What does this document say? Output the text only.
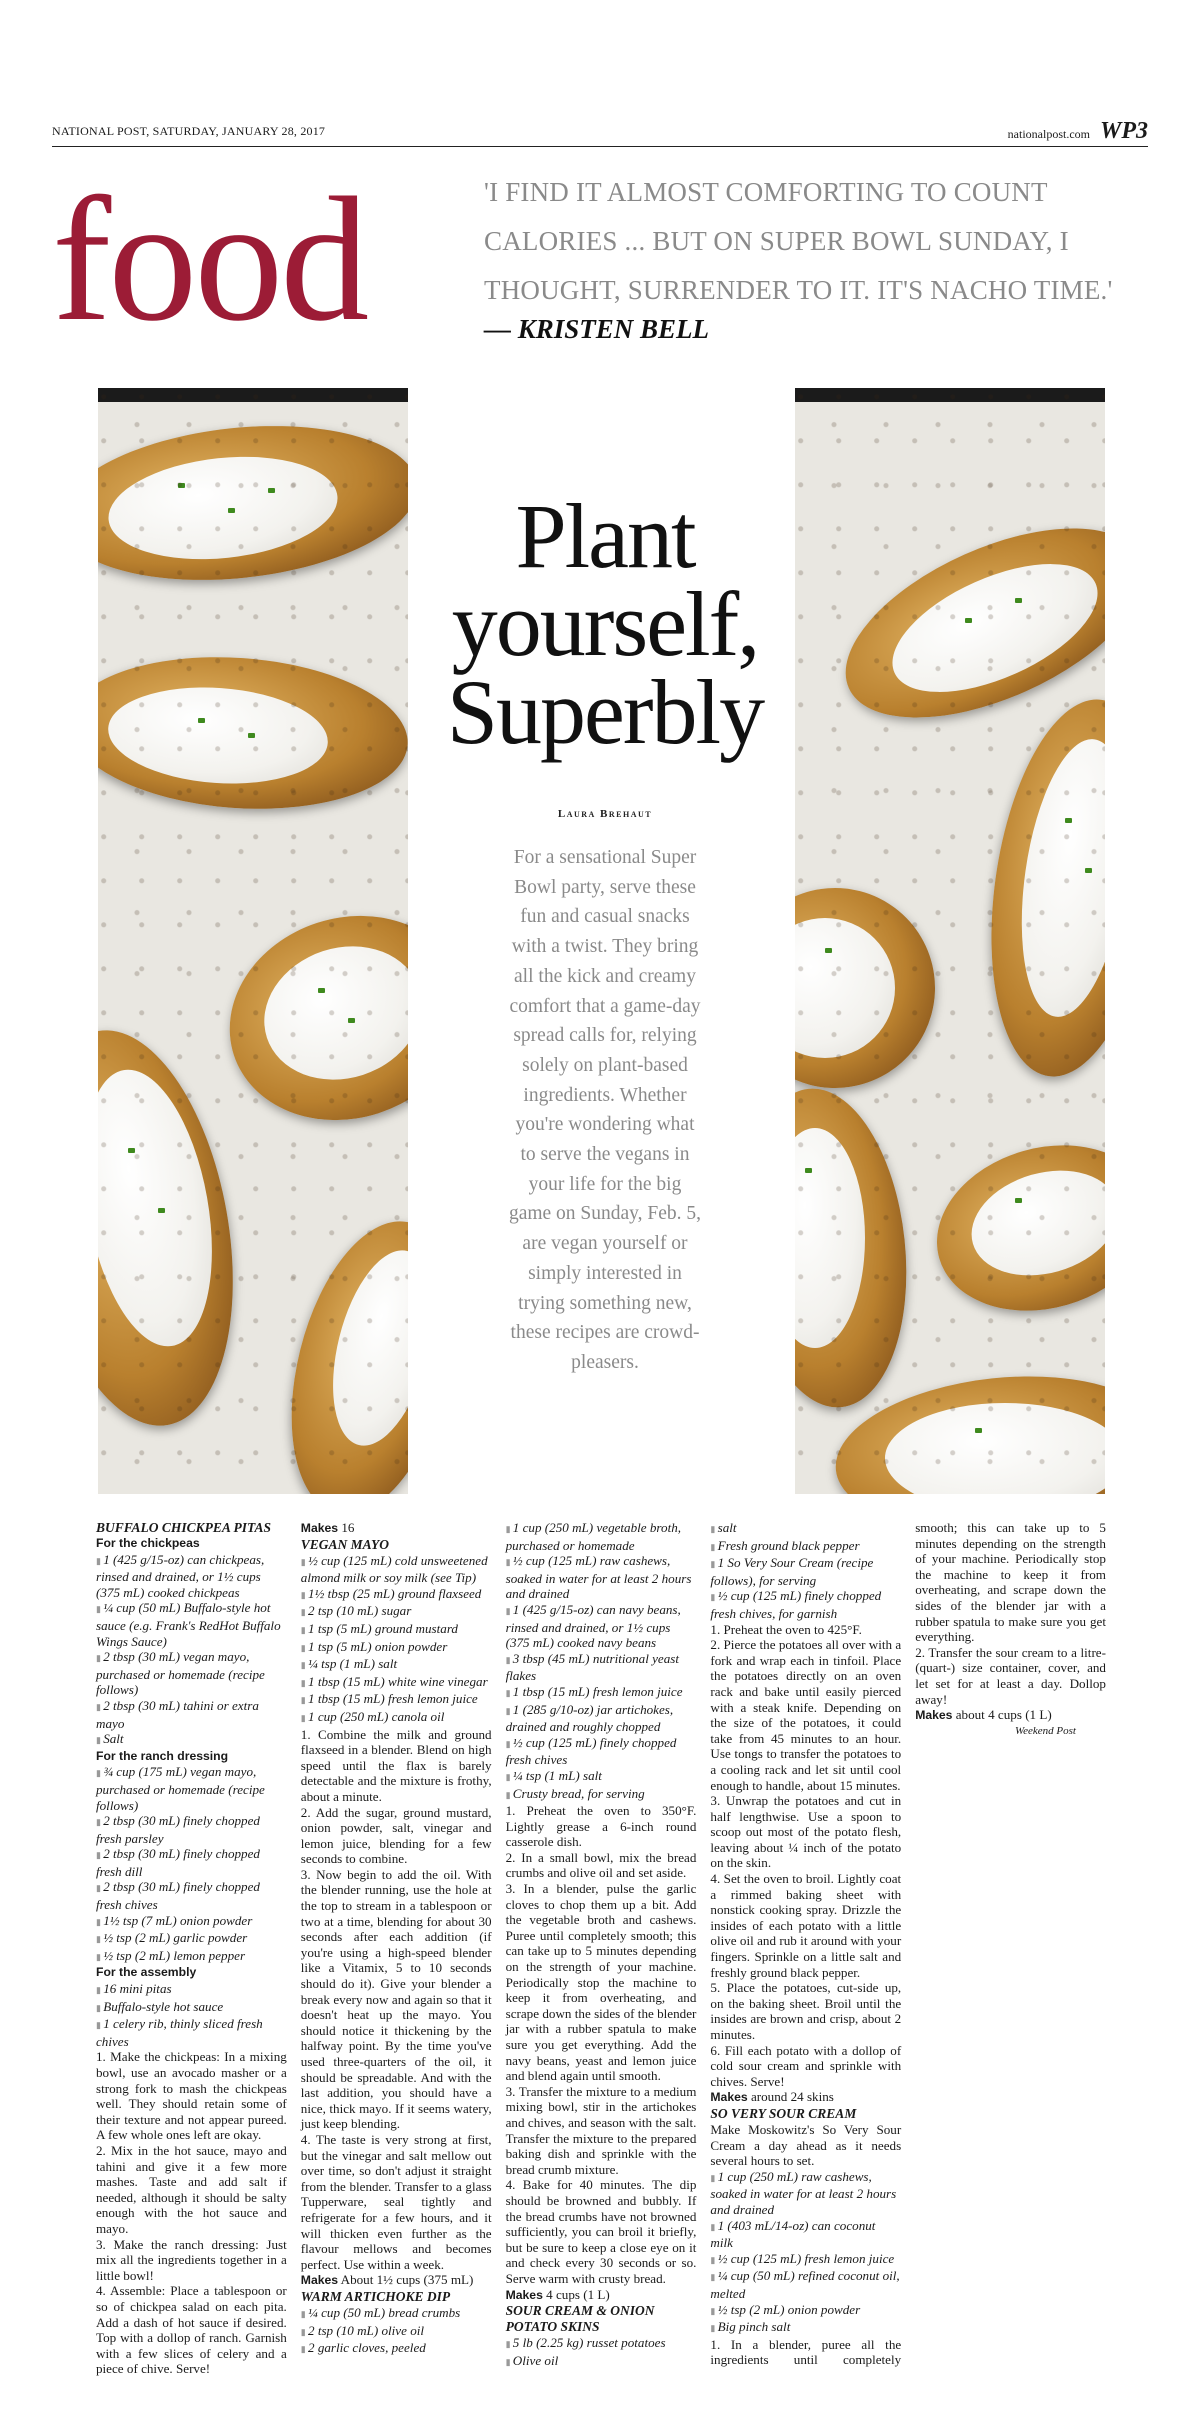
NATIONAL POST, SATURDAY, JANUARY 28, 2017	nationalpost.com WP3
food	'I FIND IT ALMOST COMFORTING TO COUNT CALORIES ... BUT ON SUPER BOWL SUNDAY, I THOUGHT, SURRENDER TO IT. IT'S NACHO TIME.'
— KRISTEN BELL
Plant
yourself,
Superbly
Laura Brehaut
For a sensational Super Bowl party, serve these fun and casual snacks with a twist. They bring all the kick and creamy comfort that a game-day spread calls for, relying solely on plant-based ingredients. Whether you're wondering what to serve the vegans in your life for the big game on Sunday, Feb. 5, are vegan yourself or simply interested in trying something new, these recipes are crowd-pleasers.

BUFFALO CHICKPEA PITAS

For the chickpeas

▮ 1 (425 g/15-oz) can chickpeas, rinsed and drained, or 1½ cups (375 mL) cooked chickpeas

▮ ¼ cup (50 mL) Buffalo-style hot sauce (e.g. Frank's RedHot Buffalo Wings Sauce)

▮ 2 tbsp (30 mL) vegan mayo, purchased or homemade (recipe follows)

▮ 2 tbsp (30 mL) tahini or extra mayo

▮ Salt

For the ranch dressing

▮ ¾ cup (175 mL) vegan mayo, purchased or homemade (recipe follows)

▮ 2 tbsp (30 mL) finely chopped fresh parsley

▮ 2 tbsp (30 mL) finely chopped fresh dill

▮ 2 tbsp (30 mL) finely chopped fresh chives

▮ 1½ tsp (7 mL) onion powder

▮ ½ tsp (2 mL) garlic powder

▮ ½ tsp (2 mL) lemon pepper

For the assembly

▮ 16 mini pitas

▮ Buffalo-style hot sauce

▮ 1 celery rib, thinly sliced fresh chives

1. Make the chickpeas: In a mixing bowl, use an avocado masher or a strong fork to mash the chickpeas well. They should retain some of their texture and not appear pureed. A few whole ones left are okay.

2. Mix in the hot sauce, mayo and tahini and give it a few more mashes. Taste and add salt if needed, although it should be salty enough with the hot sauce and mayo.

3. Make the ranch dressing: Just mix all the ingredients together in a little bowl!

4. Assemble: Place a tablespoon or so of chickpea salad on each pita. Add a dash of hot sauce if desired. Top with a dollop of ranch. Garnish with a few slices of celery and a piece of chive. Serve!

Makes 16

VEGAN MAYO

▮ ½ cup (125 mL) cold unsweetened almond milk or soy milk (see Tip)

▮ 1½ tbsp (25 mL) ground flaxseed

▮ 2 tsp (10 mL) sugar

▮ 1 tsp (5 mL) ground mustard

▮ 1 tsp (5 mL) onion powder

▮ ¼ tsp (1 mL) salt

▮ 1 tbsp (15 mL) white wine vinegar

▮ 1 tbsp (15 mL) fresh lemon juice

▮ 1 cup (250 mL) canola oil

1. Combine the milk and ground flaxseed in a blender. Blend on high speed until the flax is barely detectable and the mixture is frothy, about a minute.

2. Add the sugar, ground mustard, onion powder, salt, vinegar and lemon juice, blending for a few seconds to combine.

3. Now begin to add the oil. With the blender running, use the hole at the top to stream in a tablespoon or two at a time, blending for about 30 seconds after each addition (if you're using a high-speed blender like a Vitamix, 5 to 10 seconds should do it). Give your blender a break every now and again so that it doesn't heat up the mayo. You should notice it thickening by the halfway point. By the time you've used three-quarters of the oil, it should be spreadable. And with the last addition, you should have a nice, thick mayo. If it seems watery, just keep blending.

4. The taste is very strong at first, but the vinegar and salt mellow out over time, so don't adjust it straight from the blender. Transfer to a glass Tupperware, seal tightly and refrigerate for a few hours, and it will thicken even further as the flavour mellows and becomes perfect. Use within a week.

Makes About 1½ cups (375 mL)

WARM ARTICHOKE DIP

▮ ¼ cup (50 mL) bread crumbs

▮ 2 tsp (10 mL) olive oil

▮ 2 garlic cloves, peeled

▮ 1 cup (250 mL) vegetable broth, purchased or homemade

▮ ½ cup (125 mL) raw cashews, soaked in water for at least 2 hours and drained

▮ 1 (425 g/15-oz) can navy beans, rinsed and drained, or 1½ cups (375 mL) cooked navy beans

▮ 3 tbsp (45 mL) nutritional yeast flakes

▮ 1 tbsp (15 mL) fresh lemon juice

▮ 1 (285 g/10-oz) jar artichokes, drained and roughly chopped

▮ ½ cup (125 mL) finely chopped fresh chives

▮ ¼ tsp (1 mL) salt

▮ Crusty bread, for serving

1. Preheat the oven to 350°F. Lightly grease a 6-inch round casserole dish.

2. In a small bowl, mix the bread crumbs and olive oil and set aside.

3. In a blender, pulse the garlic cloves to chop them up a bit. Add the vegetable broth and cashews. Puree until completely smooth; this can take up to 5 minutes depending on the strength of your machine. Periodically stop the machine to keep it from overheating, and scrape down the sides of the blender jar with a rubber spatula to make sure you get everything. Add the navy beans, yeast and lemon juice and blend again until smooth.

3. Transfer the mixture to a medium mixing bowl, stir in the artichokes and chives, and season with the salt. Transfer the mixture to the prepared baking dish and sprinkle with the bread crumb mixture.

4. Bake for 40 minutes. The dip should be browned and bubbly. If the bread crumbs have not browned sufficiently, you can broil it briefly, but be sure to keep a close eye on it and check every 30 seconds or so. Serve warm with crusty bread.

Makes 4 cups (1 L)

SOUR CREAM & ONION POTATO SKINS

▮ 5 lb (2.25 kg) russet potatoes

▮ Olive oil

▮ salt

▮ Fresh ground black pepper

▮ 1 So Very Sour Cream (recipe follows), for serving

▮ ½ cup (125 mL) finely chopped fresh chives, for garnish

1. Preheat the oven to 425°F.

2. Pierce the potatoes all over with a fork and wrap each in tinfoil. Place the potatoes directly on an oven rack and bake until easily pierced with a steak knife. Depending on the size of the potatoes, it could take from 45 minutes to an hour. Use tongs to transfer the potatoes to a cooling rack and let sit until cool enough to handle, about 15 minutes.

3. Unwrap the potatoes and cut in half lengthwise. Use a spoon to scoop out most of the potato flesh, leaving about ¼ inch of the potato on the skin.

4. Set the oven to broil. Lightly coat a rimmed baking sheet with nonstick cooking spray. Drizzle the insides of each potato with a little olive oil and rub it around with your fingers. Sprinkle on a little salt and freshly ground black pepper.

5. Place the potatoes, cut-side up, on the baking sheet. Broil until the insides are brown and crisp, about 2 minutes.

6. Fill each potato with a dollop of cold sour cream and sprinkle with chives. Serve!

Makes around 24 skins

SO VERY SOUR CREAM

Make Moskowitz's So Very Sour Cream a day ahead as it needs several hours to set.

▮ 1 cup (250 mL) raw cashews, soaked in water for at least 2 hours and drained

▮ 1 (403 mL/14-oz) can coconut milk

▮ ½ cup (125 mL) fresh lemon juice

▮ ¼ cup (50 mL) refined coconut oil, melted

▮ ½ tsp (2 mL) onion powder

▮ Big pinch salt

1. In a blender, puree all the ingredients until completely smooth; this can take up to 5 minutes depending on the strength of your machine. Periodically stop the machine to keep it from overheating, and scrape down the sides of the blender jar with a rubber spatula to make sure you get everything.

2. Transfer the sour cream to a litre- (quart-) size container, cover, and let set for at least a day. Dollop away!

Makes about 4 cups (1 L)

Weekend Post
